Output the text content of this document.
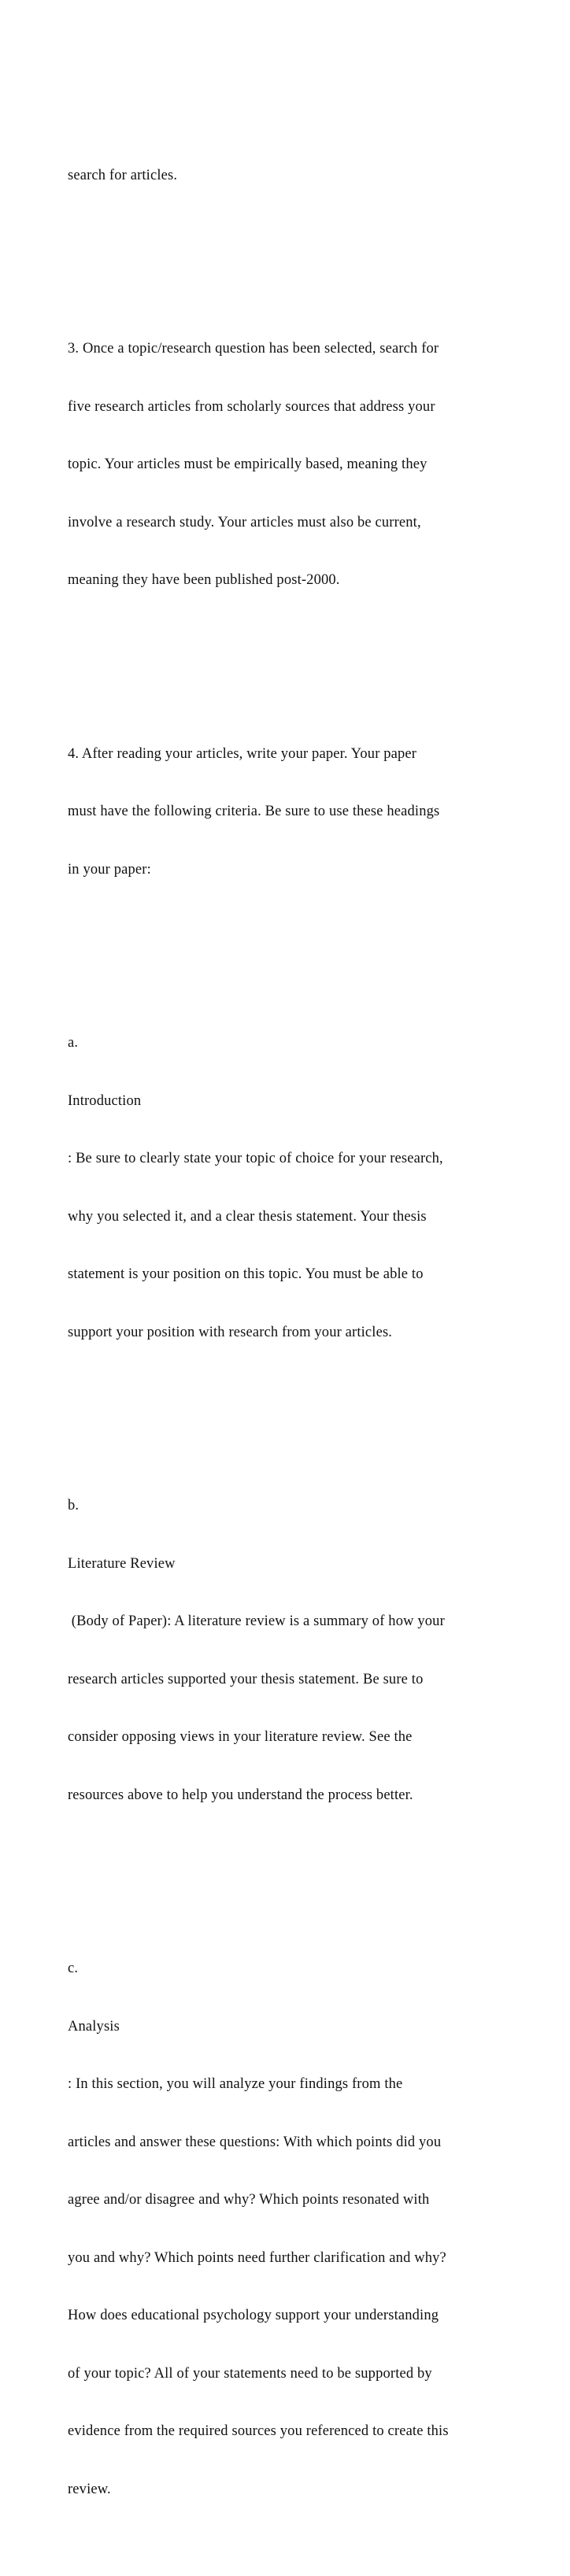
search for articles.

3. Once a topic/research question has been selected, search for

five research articles from scholarly sources that address your

topic. Your articles must be empirically based, meaning they

involve a research study. Your articles must also be current,

meaning they have been published post-2000.

4. After reading your articles, write your paper. Your paper

must have the following criteria. Be sure to use these headings

in your paper:

a.

Introduction

: Be sure to clearly state your topic of choice for your research,

why you selected it, and a clear thesis statement. Your thesis

statement is your position on this topic. You must be able to

support your position with research from your articles.

b.

Literature Review

(Body of Paper): A literature review is a summary of how your

research articles supported your thesis statement. Be sure to

consider opposing views in your literature review. See the

resources above to help you understand the process better.

c.

Analysis

: In this section, you will analyze your findings from the

articles and answer these questions: With which points did you

agree and/or disagree and why? Which points resonated with

you and why? Which points need further clarification and why?

How does educational psychology support your understanding

of your topic? All of your statements need to be supported by

evidence from the required sources you referenced to create this

review.
